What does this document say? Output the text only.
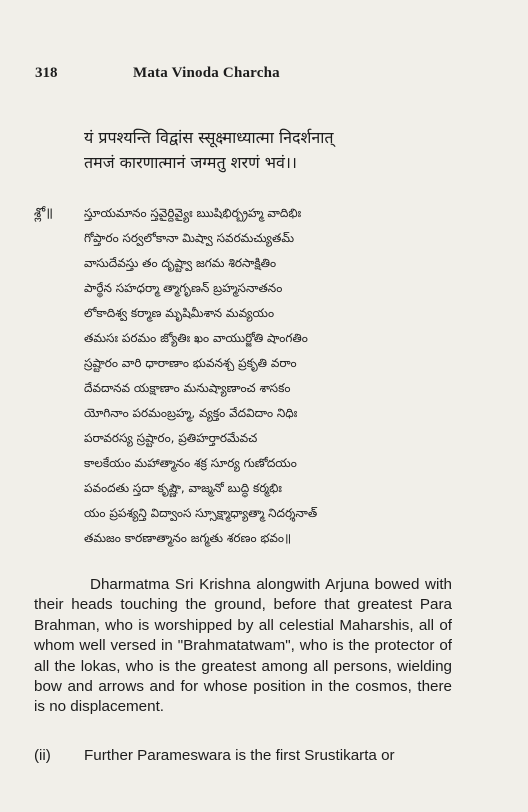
318	Mata Vinoda Charcha
यं प्रपश्यन्ति विद्वांस स्सूक्ष्माध्यात्मा निदर्शनात्
तमजं कारणात्मानं जग्मतु शरणं भवं।।
శ్లో॥	స్తూయమానం స్తవైర్దివ్యైః ఋషిభిర్బ్రహ్మ వాదిభిః
గోప్తారం సర్వలోకానా మిష్వా సవరమచ్యుతమ్
వాసుదేవస్తు తం దృష్ట్వా జగమ శిరసాక్షితిం
పార్థేన సహధర్మా త్మాగృణన్ బ్రహ్మసనాతనం
లోకాదిశ్వ కర్మాణ మృషిమీశాన మవ్యయం
తమసః పరమం జ్యోతిః ఖం వాయుర్జోతి షాంగతిం
స్రష్టారం వారి ధారాణాం భువనశ్చ ప్రకృతి వరాం
దేవదానవ యక్షాణాం మనుష్యాణాంచ శాసకం
యోగినాం పరమంబ్రహ్మ, వ్యక్తం వేదవిదాం నిధిః
పరావరస్య స్రష్టారం, ప్రతిహర్తారమేవచ
కాలకేయం మహాత్మానం శక్ర సూర్య గుణోదయం
పవందతు స్తదా కృష్ణౌ, వాజ్మనో బుద్ధి కర్మభిః
యం ప్రపశ్యన్తి విద్వాంస స్సూక్ష్మాధ్యాత్మా నిదర్శనాత్
తమజం కారణాత్మానం జగ్మతు శరణం భవం॥

Dharmatma Sri Krishna alongwith Arjuna bowed with their heads touching the ground, before that greatest Para Brahman, who is worshipped by all celestial Maharshis, all of whom well versed in "Brahmatatwam", who is the protector of all the lokas, who is the greatest among all persons, wielding bow and arrows and for whose position in the cosmos, there is no displacement.

(ii) Further Parameswara is the first Srustikarta or
